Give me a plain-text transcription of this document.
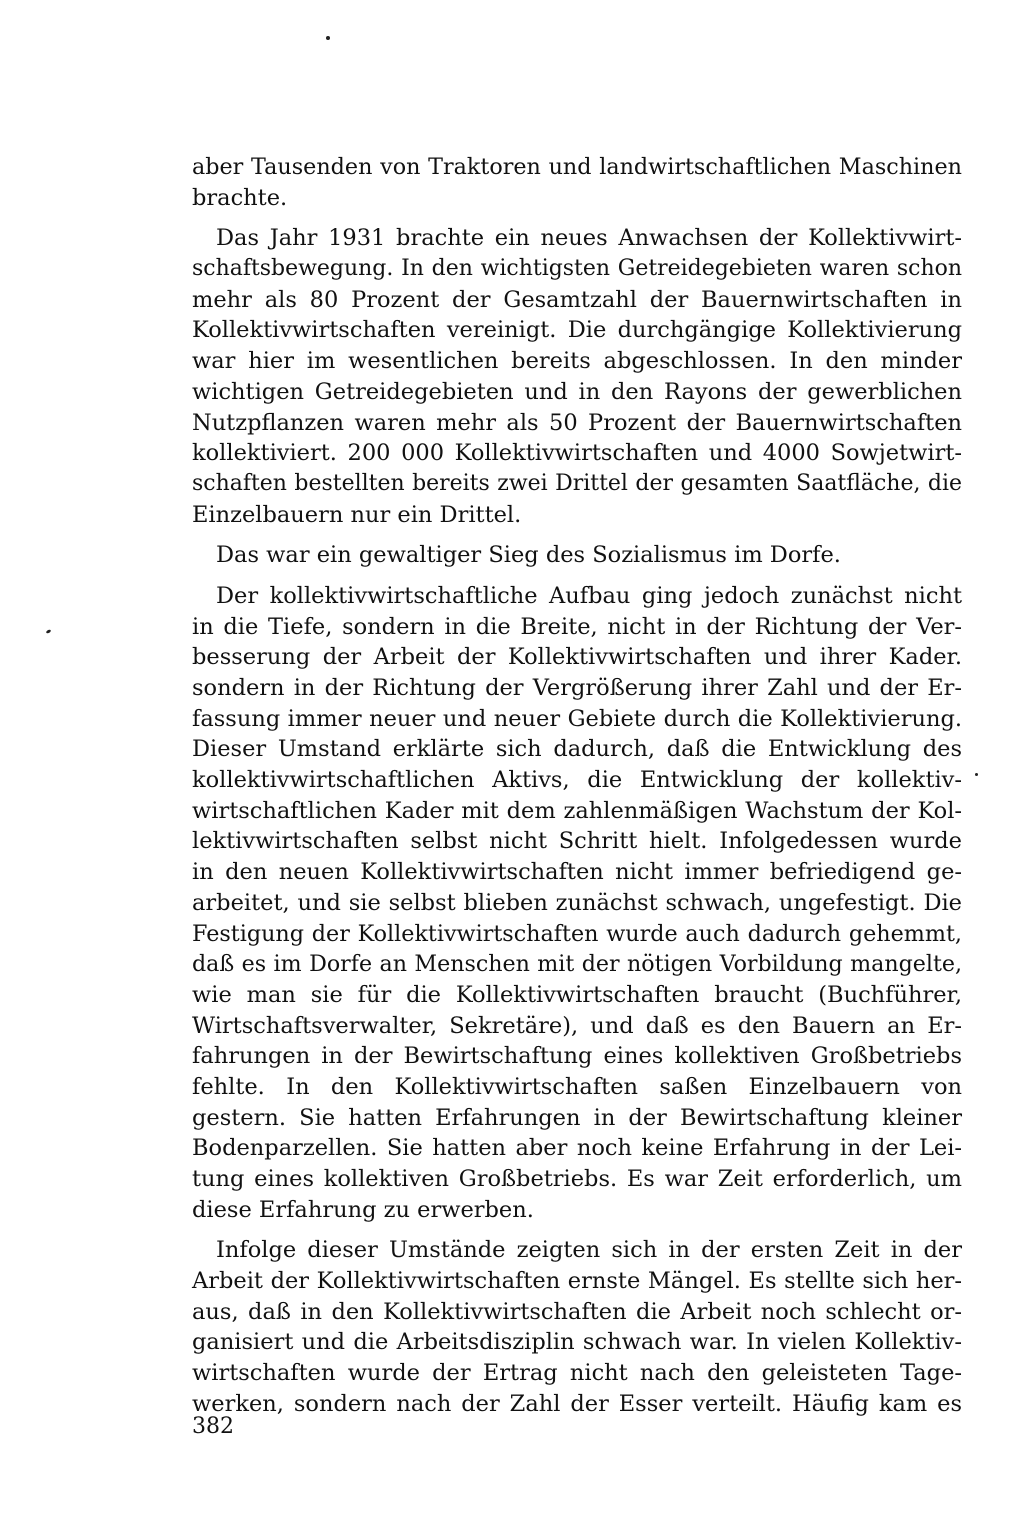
aber Tausenden von Traktoren und landwirtschaftlichen Maschinen
brachte.
Das Jahr 1931 brachte ein neues Anwachsen der Kollektivwirt-
schaftsbewegung. In den wichtigsten Getreidegebieten waren schon
mehr als 80 Prozent der Gesamtzahl der Bauernwirtschaften in
Kollektivwirtschaften vereinigt. Die durchgängige Kollektivierung
war hier im wesentlichen bereits abgeschlossen. In den minder
wichtigen Getreidegebieten und in den Rayons der gewerblichen
Nutzpflanzen waren mehr als 50 Prozent der Bauernwirtschaften
kollektiviert. 200 000 Kollektivwirtschaften und 4000 Sowjetwirt-
schaften bestellten bereits zwei Drittel der gesamten Saatfläche, die
Einzelbauern nur ein Drittel.
Das war ein gewaltiger Sieg des Sozialismus im Dorfe.
Der kollektivwirtschaftliche Aufbau ging jedoch zunächst nicht
in die Tiefe, sondern in die Breite, nicht in der Richtung der Ver-
besserung der Arbeit der Kollektivwirtschaften und ihrer Kader.
sondern in der Richtung der Vergrößerung ihrer Zahl und der Er-
fassung immer neuer und neuer Gebiete durch die Kollektivierung.
Dieser Umstand erklärte sich dadurch, daß die Entwicklung des
kollektivwirtschaftlichen Aktivs, die Entwicklung der kollektiv-
wirtschaftlichen Kader mit dem zahlenmäßigen Wachstum der Kol-
lektivwirtschaften selbst nicht Schritt hielt. Infolgedessen wurde
in den neuen Kollektivwirtschaften nicht immer befriedigend ge-
arbeitet, und sie selbst blieben zunächst schwach, ungefestigt. Die
Festigung der Kollektivwirtschaften wurde auch dadurch gehemmt,
daß es im Dorfe an Menschen mit der nötigen Vorbildung mangelte,
wie man sie für die Kollektivwirtschaften braucht (Buchführer,
Wirtschaftsverwalter, Sekretäre), und daß es den Bauern an Er-
fahrungen in der Bewirtschaftung eines kollektiven Großbetriebs
fehlte. In den Kollektivwirtschaften saßen Einzelbauern von
gestern. Sie hatten Erfahrungen in der Bewirtschaftung kleiner
Bodenparzellen. Sie hatten aber noch keine Erfahrung in der Lei-
tung eines kollektiven Großbetriebs. Es war Zeit erforderlich, um
diese Erfahrung zu erwerben.
Infolge dieser Umstände zeigten sich in der ersten Zeit in der
Arbeit der Kollektivwirtschaften ernste Mängel. Es stellte sich her-
aus, daß in den Kollektivwirtschaften die Arbeit noch schlecht or-
ganisiert und die Arbeitsdisziplin schwach war. In vielen Kollektiv-
wirtschaften wurde der Ertrag nicht nach den geleisteten Tage-
werken, sondern nach der Zahl der Esser verteilt. Häufig kam es
382
